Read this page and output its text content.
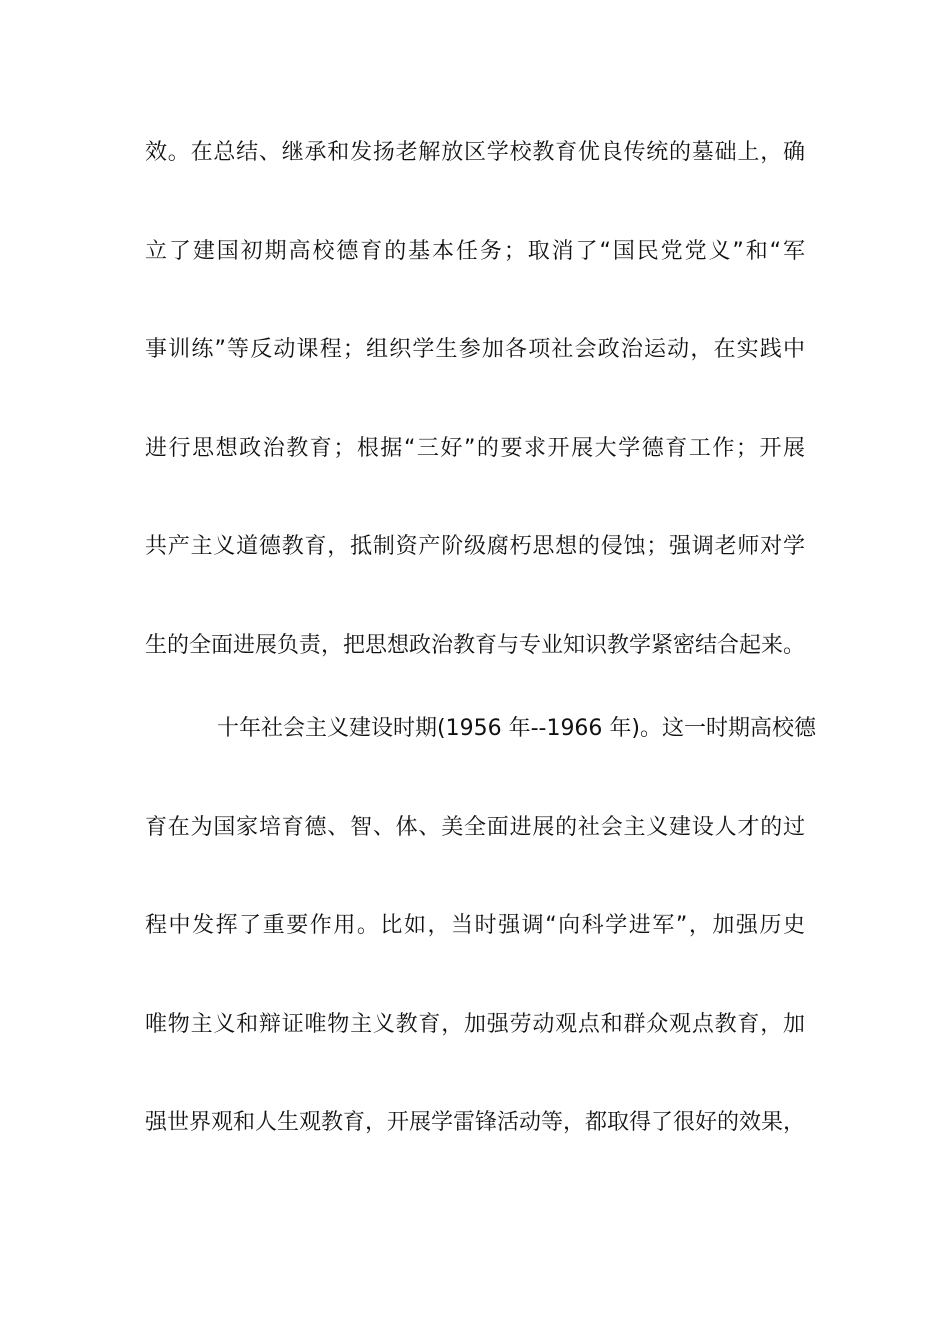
效。在总结、继承和发扬老解放区学校教育优良传统的墓础上，确
立了建国初期高校德育的基本任务；取消了“国民党党义”和“军
事训练”等反动课程；组织学生参加各项社会政治运动，在实践中
进行思想政治教育；根据“三好”的要求开展大学德育工作；开展
共产主义道德教育，抵制资产阶级腐朽思想的侵蚀；强调老师对学
生的全面进展负责，把思想政治教育与专业知识教学紧密结合起来。
十年社会主义建设时期(1956 年--1966 年)。这一时期高校德
育在为国家培育德、智、体、美全面进展的社会主义建设人才的过
程中发挥了重要作用。比如，当时强调“向科学进军”，加强历史
唯物主义和辩证唯物主义教育，加强劳动观点和群众观点教育，加
强世界观和人生观教育，开展学雷锋活动等，都取得了很好的效果，
